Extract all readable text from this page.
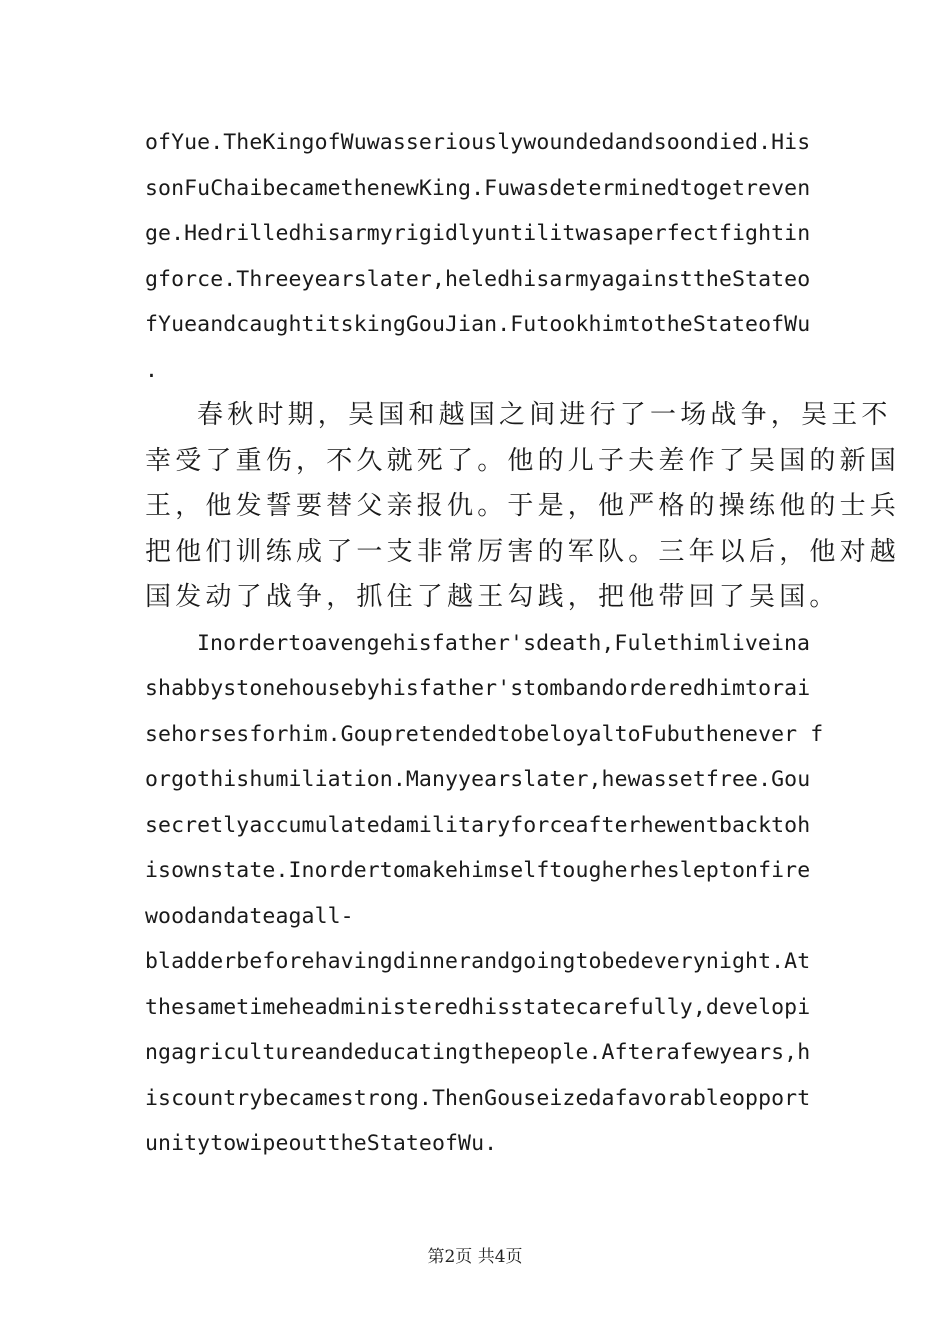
ofYue.TheKingofWuwasseriouslywoundedandsoondied.His
sonFuChaibecamethenewKing.Fuwasdeterminedtogetreven
ge.Hedrilledhisarmyrigidlyuntilitwasaperfectfightin
gforce.Threeyearslater,heledhisarmyagainsttheStateo
fYueandcaughtitskingGouJian.FutookhimtotheStateofWu
.
春秋时期，吴国和越国之间进行了一场战争，吴王不
幸受了重伤，不久就死了。他的儿子夫差作了吴国的新国
王，他发誓要替父亲报仇。于是，他严格的操练他的士兵
把他们训练成了一支非常厉害的军队。三年以后，他对越
国发动了战争，抓住了越王勾践，把他带回了吴国。
Inordertoavengehisfather'sdeath,Fulethimliveina
shabbystonehousebyhisfather'stombandorderedhimtorai
sehorsesforhim.GoupretendedtobeloyaltoFubuthenever f
orgothishumiliation.Manyyearslater,hewassetfree.Gou
secretlyaccumulatedamilitaryforceafterhewentbacktoh
isownstate.Inordertomakehimselftougherhesleptonfire
woodandateagall-
bladderbeforehavingdinnerandgoingtobedeverynight.At
thesametimeheadministeredhisstatecarefully,developi
ngagricultureandeducatingthepeople.Afterafewyears,h
iscountrybecamestrong.ThenGouseizedafavorableopport
unitytowipeouttheStateofWu.
第2页 共4页
